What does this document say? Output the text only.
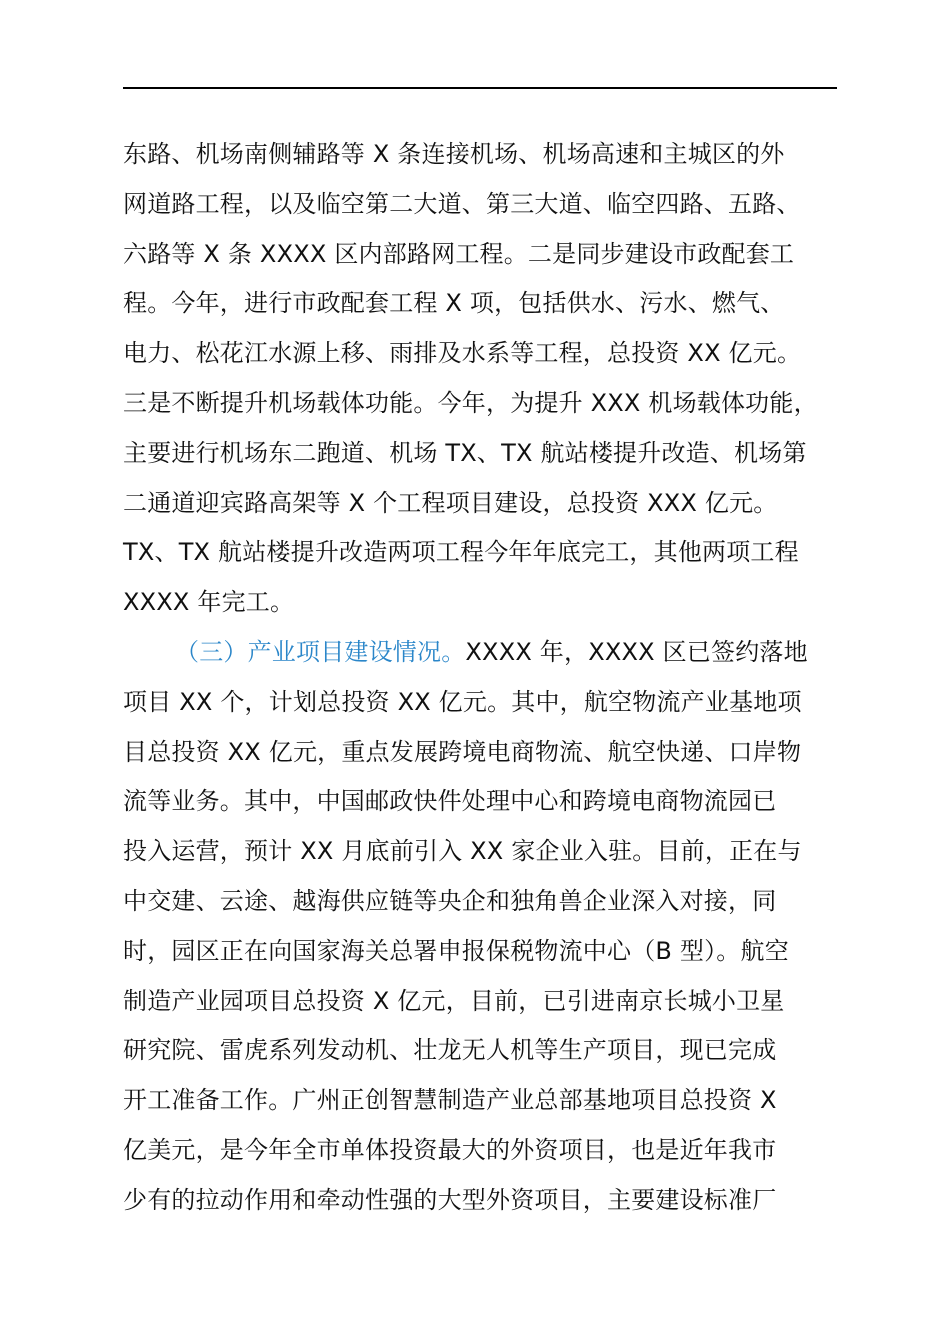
东路、机场南侧辅路等 X 条连接机场、机场高速和主城区的外
网道路工程，以及临空第二大道、第三大道、临空四路、五路、
六路等 X 条 XXXX 区内部路网工程。二是同步建设市政配套工
程。今年，进行市政配套工程 X 项，包括供水、污水、燃气、
电力、松花江水源上移、雨排及水系等工程，总投资 XX 亿元。
三是不断提升机场载体功能。今年，为提升 XXX 机场载体功能，
主要进行机场东二跑道、机场 TX、TX 航站楼提升改造、机场第
二通道迎宾路高架等 X 个工程项目建设，总投资 XXX 亿元。
TX、TX 航站楼提升改造两项工程今年年底完工，其他两项工程
XXXX 年完工。
（三）产业项目建设情况。XXXX 年，XXXX 区已签约落地
项目 XX 个，计划总投资 XX 亿元。其中，航空物流产业基地项
目总投资 XX 亿元，重点发展跨境电商物流、航空快递、口岸物
流等业务。其中，中国邮政快件处理中心和跨境电商物流园已
投入运营，预计 XX 月底前引入 XX 家企业入驻。目前，正在与
中交建、云途、越海供应链等央企和独角兽企业深入对接，同
时，园区正在向国家海关总署申报保税物流中心（B 型）。航空
制造产业园项目总投资 X 亿元，目前，已引进南京长城小卫星
研究院、雷虎系列发动机、壮龙无人机等生产项目，现已完成
开工准备工作。广州正创智慧制造产业总部基地项目总投资 X
亿美元，是今年全市单体投资最大的外资项目，也是近年我市
少有的拉动作用和牵动性强的大型外资项目，主要建设标准厂
